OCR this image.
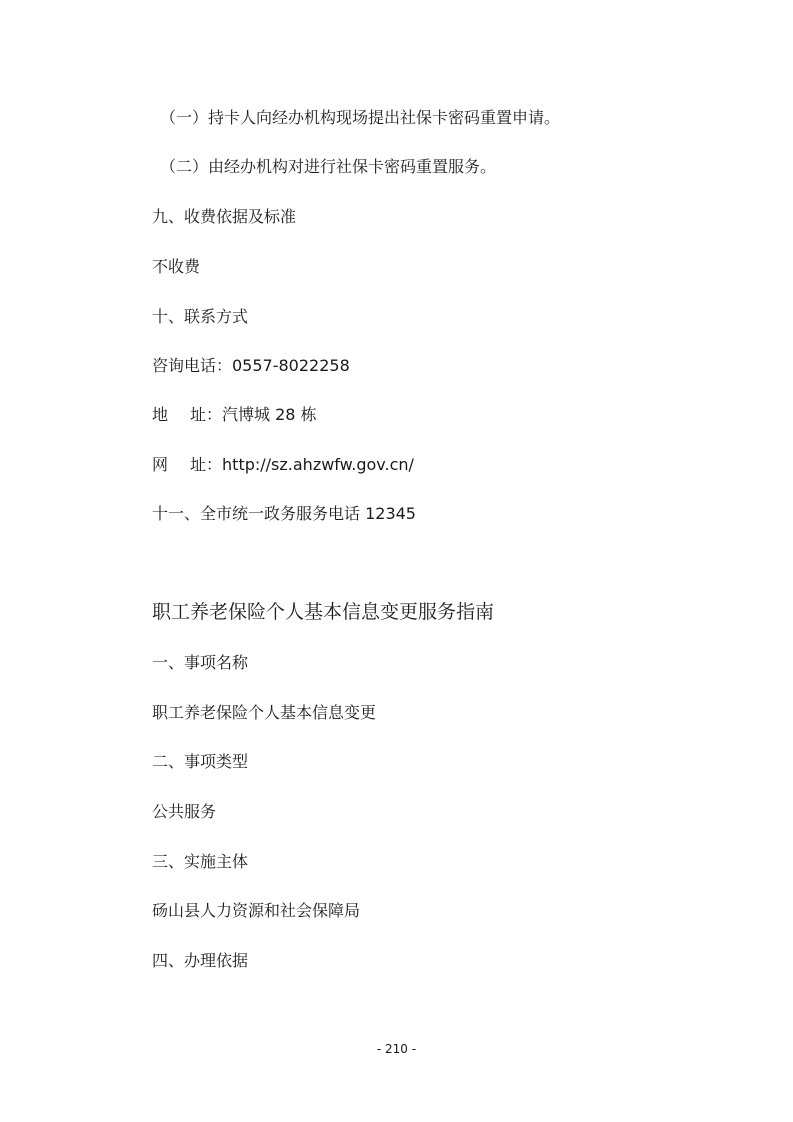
（一）持卡人向经办机构现场提出社保卡密码重置申请。
（二）由经办机构对进行社保卡密码重置服务。
九、收费依据及标准
不收费
十、联系方式
咨询电话：0557-8022258
地 址：汽博城 28 栋
网 址：http://sz.ahzwfw.gov.cn/
十一、全市统一政务服务电话 12345
职工养老保险个人基本信息变更服务指南
一、事项名称
职工养老保险个人基本信息变更
二、事项类型
公共服务
三、实施主体
砀山县人力资源和社会保障局
四、办理依据
- 210 -
